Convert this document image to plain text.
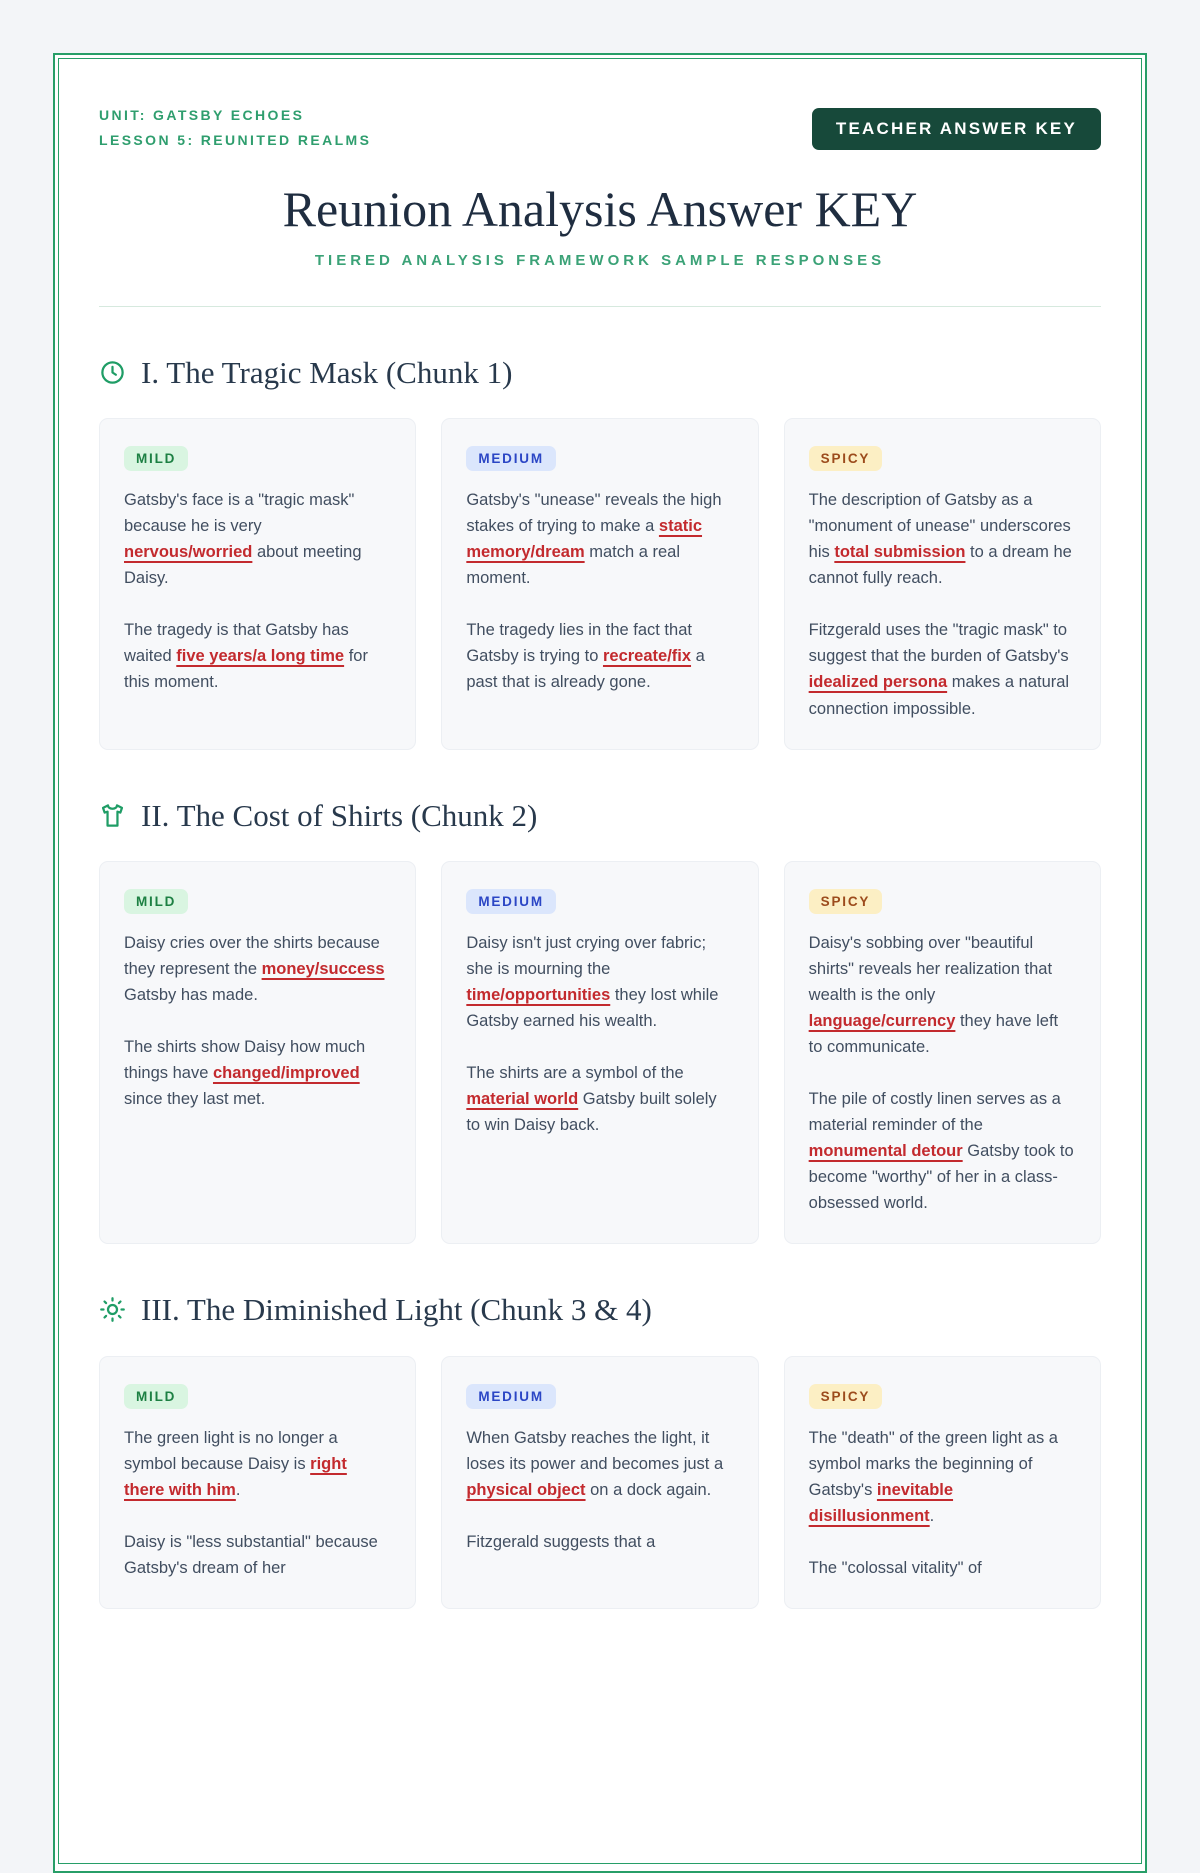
UNIT: GATSBY ECHOES
LESSON 5: REUNITED REALMS
TEACHER ANSWER KEY
Reunion Analysis Answer KEY
TIERED ANALYSIS FRAMEWORK SAMPLE RESPONSES
I. The Tragic Mask (Chunk 1)
MILD

Gatsby's face is a "tragic mask" because he is very nervous/worried about meeting Daisy.

The tragedy is that Gatsby has waited five years/a long time for this moment.

MEDIUM

Gatsby's "unease" reveals the high stakes of trying to make a static memory/dream match a real moment.

The tragedy lies in the fact that Gatsby is trying to recreate/fix a past that is already gone.

SPICY

The description of Gatsby as a "monument of unease" underscores his total submission to a dream he cannot fully reach.

Fitzgerald uses the "tragic mask" to suggest that the burden of Gatsby's idealized persona makes a natural connection impossible.

II. The Cost of Shirts (Chunk 2)
MILD

Daisy cries over the shirts because they represent the money/success Gatsby has made.

The shirts show Daisy how much things have changed/improved since they last met.

MEDIUM

Daisy isn't just crying over fabric; she is mourning the time/opportunities they lost while Gatsby earned his wealth.

The shirts are a symbol of the material world Gatsby built solely to win Daisy back.

SPICY

Daisy's sobbing over "beautiful shirts" reveals her realization that wealth is the only language/currency they have left to communicate.

The pile of costly linen serves as a material reminder of the monumental detour Gatsby took to become "worthy" of her in a class-obsessed world.

III. The Diminished Light (Chunk 3 & 4)
MILD

The green light is no longer a symbol because Daisy is right there with him.

Daisy is "less substantial" because Gatsby's dream of her

MEDIUM

When Gatsby reaches the light, it loses its power and becomes just a physical object on a dock again.

Fitzgerald suggests that a

SPICY

The "death" of the green light as a symbol marks the beginning of Gatsby's inevitable disillusionment.

The "colossal vitality" of
